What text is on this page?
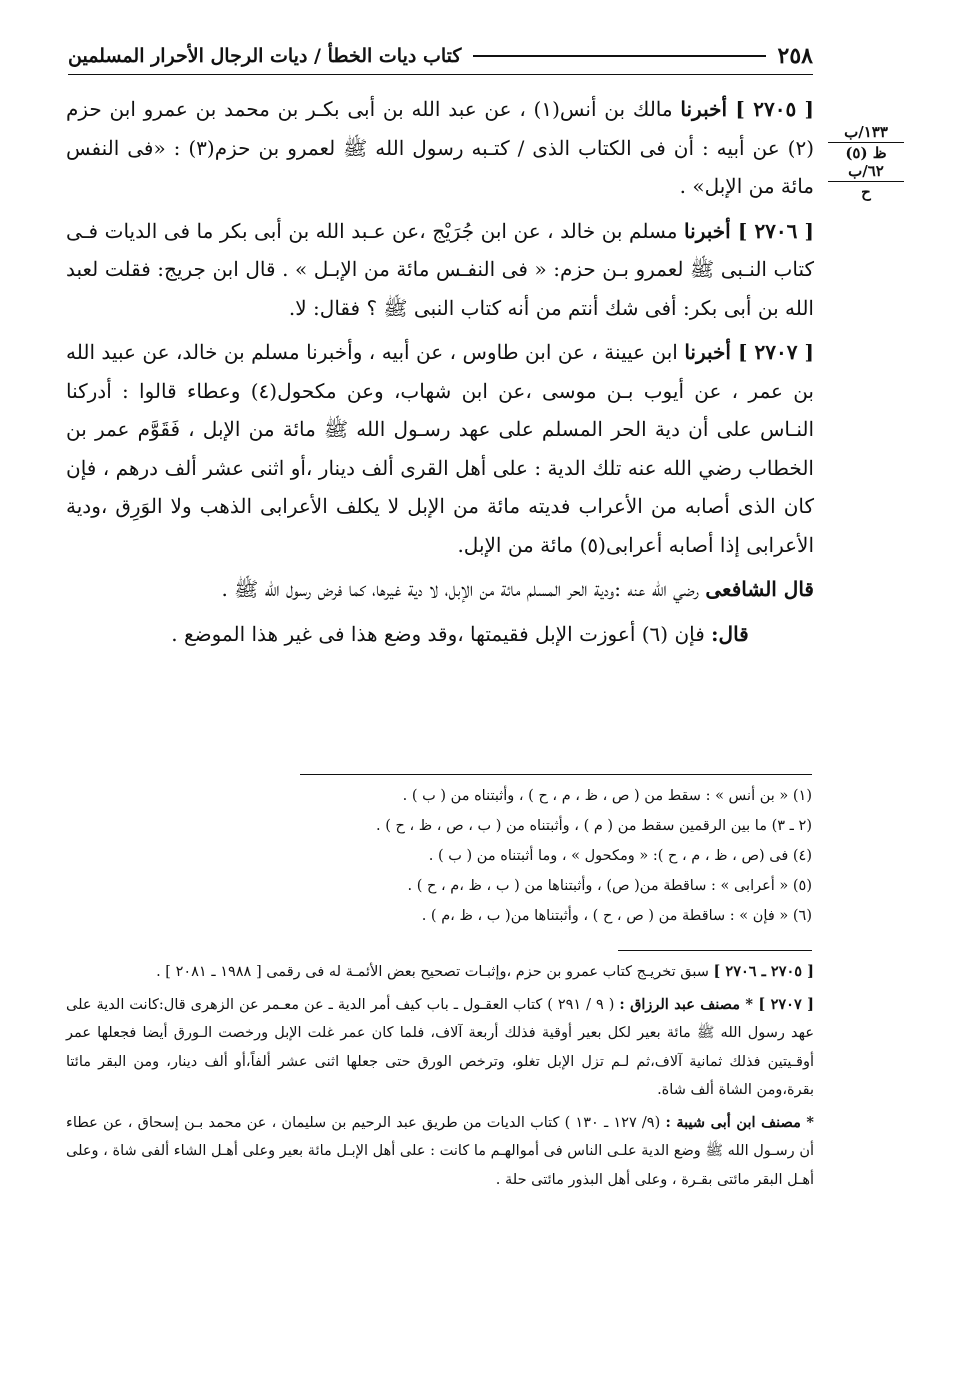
٢٥٨
كتاب ديات الخطأ / ديات الرجال الأحرار المسلمين
١٣٣/ب
ظ (٥)
٦٢/ب
ح

[ ٢٧٠٥ ] أخبرنا مالك بن أنس(١) ، عن عبد الله بن أبى بكـر بن محمد بن عمرو ابن حزم (٢) عن أبيه : أن فى الكتاب الذى / كتـبه رسول الله ﷺ لعمرو بن حزم(٣) : «فى النفس مائة من الإبل» .

[ ٢٧٠٦ ] أخبرنا مسلم بن خالد ، عن ابن جُرَيْج ،عن عـبد الله بن أبى بكر ما فى الديات فـى كتاب النـبى ﷺ لعمرو بـن حزم: « فى النفـس مائة من الإبـل » . قال ابن جريج: فقلت لعبد الله بن أبى بكر: أفى شك أنتم من أنه كتاب النبى ﷺ ؟ فقال: لا.

[ ٢٧٠٧ ] أخبرنا ابن عيينة ، عن ابن طاوس ، عن أبيه ، وأخبرنا مسلم بن خالد، عن عبيد الله بن عمر ، عن أيوب بـن موسى ،عن ابن شهاب، وعن مكحول(٤) وعطاء قالوا : أدركنا النـاس على أن دية الحر المسلم على عهد رسـول الله ﷺ مائة من الإبل ، فَقَوَّم عمر بن الخطاب رضي الله عنه تلك الدية : على أهل القرى ألف دينار ،أو اثنى عشر ألف درهم ، فإن كان الذى أصابه من الأعراب فديته مائة من الإبل لا يكلف الأعرابى الذهب ولا الوَرِق ،ودية الأعرابى إذا أصابه أعرابى(٥) مائة من الإبل.

قال الشافعى رضي الله عنه :ودية الحر المسلم مائة من الإبل، لا دية غيرها، كما فرض رسول الله ﷺ .

قال: فإن (٦) أعوزت الإبل فقيمتها ،وقد وضع هذا فى غير هذا الموضع .

(١) « بن أنس » : سقط من ( ص ، ظ ، م ، ح ) ، وأثبتناه من ( ب ) .
(٢ ـ ٣) ما بين الرقمين سقط من ( م ) ، وأثبتناه من ( ب ، ص ، ظ ، ح ) .
(٤) فى (ص ، ظ ، م ، ح ): « ومكحول » ، وما أثبتناه من ( ب ) .
(٥) « أعرابى » : ساقطة من( ص) ، وأثبتناها من ( ب ، ظ ،م ، ح ) .
(٦) « فإن » : ساقطة من ( ص ، ح ) ، وأثبتناها من( ب ، ظ ،م ) .

[ ٢٧٠٥ ـ ٢٧٠٦ ] سبق تخريـج كتاب عمرو بن حزم ،وإثبـات تصحيح بعض الأئمـة له فى رقمى [ ١٩٨٨ ـ ٢٠٨١ ] .

[ ٢٧٠٧ ] * مصنف عبد الرزاق : ( ٩ / ٢٩١ ) كتاب العقـول ـ باب كيف أمر الدية ـ عن معـمر عن الزهرى قال:كانت الدية على عهد رسول الله ﷺ مائة بعير لكل بعير أوقية فذلك أربعة آلاف، فلما كان عمر غلت الإبل ورخصت الـورق أيضا فجعلها عمر أوقـيتين فذلك ثمانية آلاف،ثم لـم تزل الإبل تغلو، وترخص الورق حتى جعلها اثنى عشر ألفاً،أو ألف دينار، ومن البقر مائتا بقرة،ومن الشاة ألف شاة.

* مصنف ابن أبى شيبة : (٩/ ١٢٧ ـ ١٣٠ ) كتاب الديات من طريق عبد الرحيم بن سليمان ، عن محمد بـن إسحاق ، عن عطاء أن رسـول الله ﷺ وضع الدية علـى الناس فى أموالهـم ما كانت : على أهل الإبـل مائة بعير وعلى أهـل الشاء ألفى شاة ، وعلى أهـل البقر مائتى بقـرة ، وعلى أهل البذور مائتى حلة .
